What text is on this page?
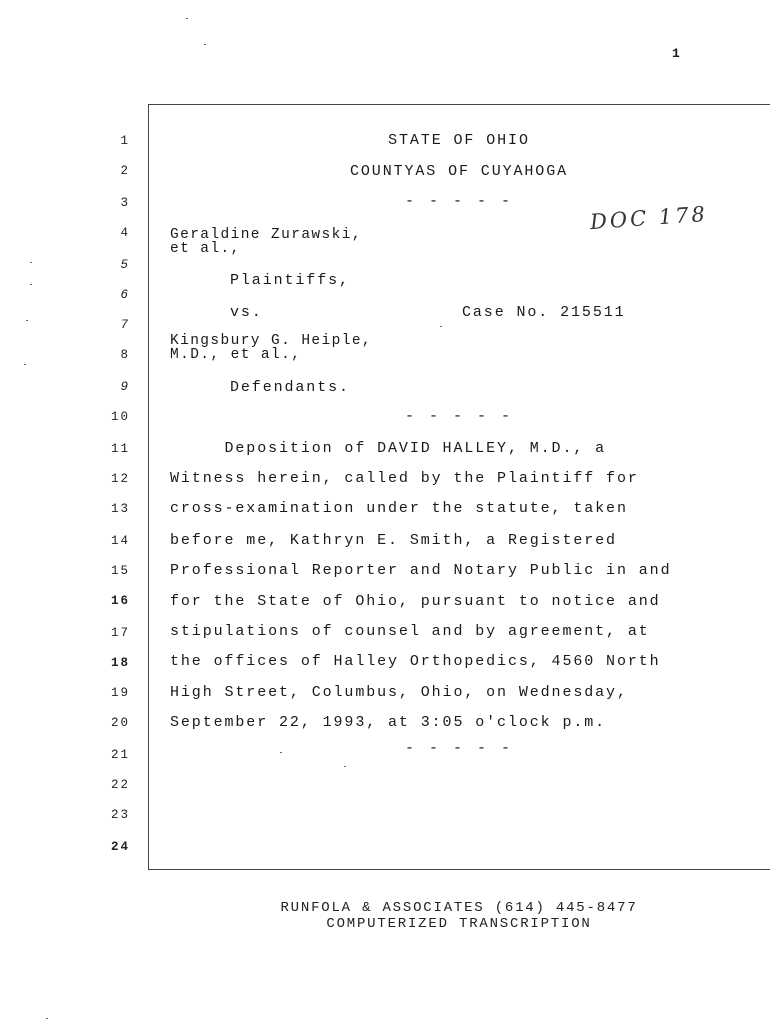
1
1
2
3
4
5
6
7
8
9
10
11
12
13
14
15
16
17
18
19
20
21
22
23
24
STATE OF OHIO
COUNTYAS OF CUYAHOGA
- - - - -
Geraldine Zurawski,
et al.,
DOC 178
Plaintiffs,
vs.	Case No. 215511
Kingsbury G. Heiple,
M.D., et al.,
Defendants.
- - - - -
Deposition of DAVID HALLEY, M.D., a
Witness herein, called by the Plaintiff for
cross-examination under the statute, taken
before me, Kathryn E. Smith, a Registered
Professional Reporter and Notary Public in and
for the State of Ohio, pursuant to notice and
stipulations of counsel and by agreement, at
the offices of Halley Orthopedics, 4560 North
High Street, Columbus, Ohio, on Wednesday,
September 22, 1993, at 3:05 o'clock p.m.
- - - - -
RUNFOLA & ASSOCIATES (614) 445-8477
COMPUTERIZED TRANSCRIPTION
